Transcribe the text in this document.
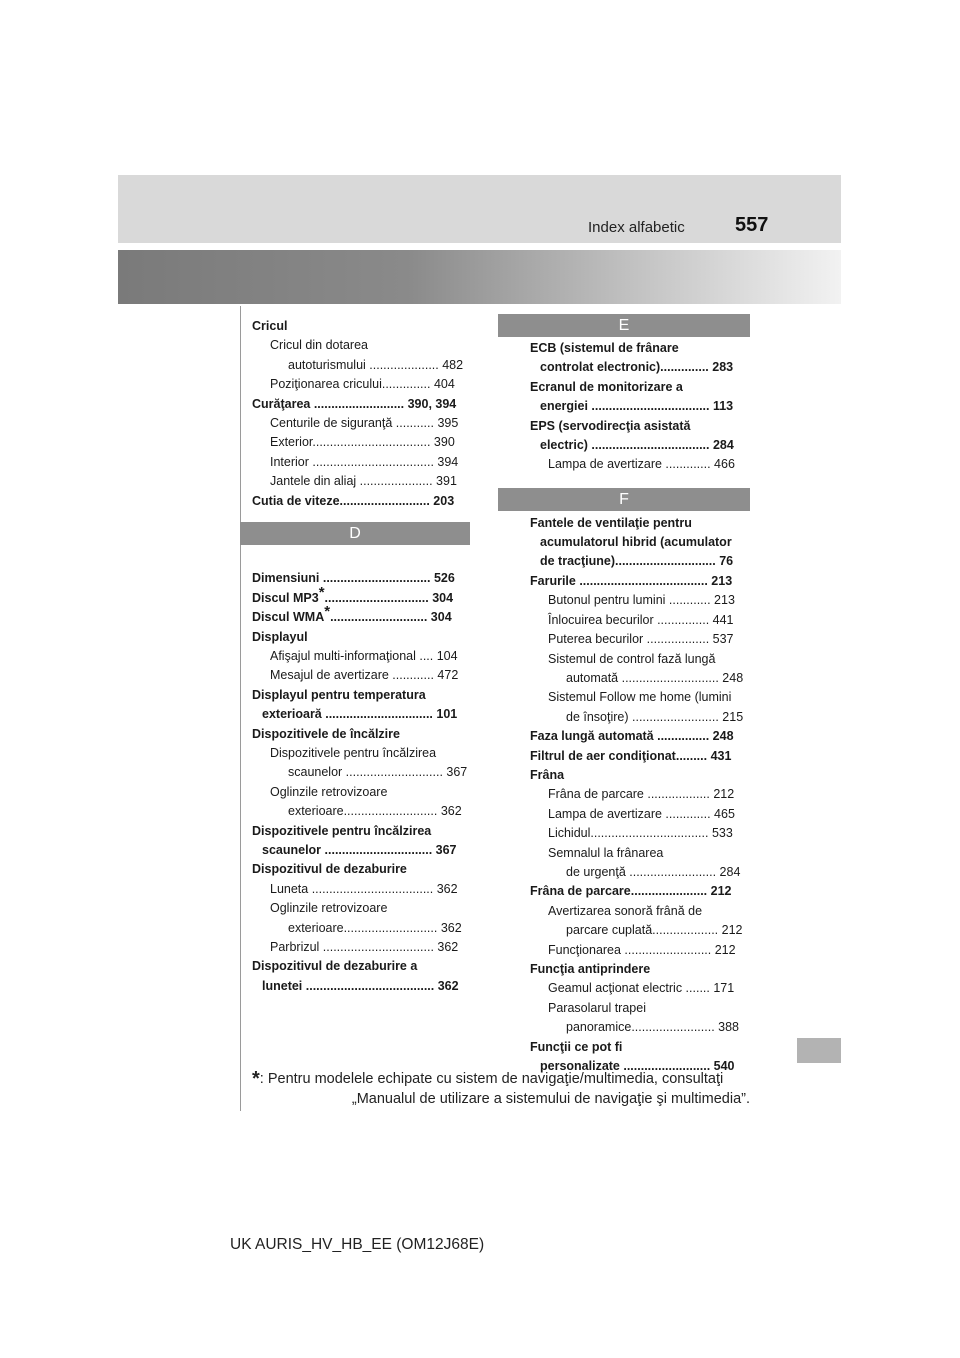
Index alfabetic	557
D
E
F
Cricul
Cricul din dotarea
autoturismului .................... 482
Poziţionarea cricului.............. 404
Curăţarea .......................... 390, 394
Centurile de siguranţă ........... 395
Exterior.................................. 390
Interior ................................... 394
Jantele din aliaj ..................... 391
Cutia de viteze.......................... 203

Dimensiuni ............................... 526
Discul MP3*.............................. 304
Discul WMA*............................ 304
Displayul
Afişajul multi-informaţional .... 104
Mesajul de avertizare ............ 472
Displayul pentru temperatura
exterioară ............................... 101
Dispozitivele de încălzire
Dispozitivele pentru încălzirea
scaunelor ............................ 367
Oglinzile retrovizoare
exterioare........................... 362
Dispozitivele pentru încălzirea
scaunelor ............................... 367
Dispozitivul de dezaburire
Luneta ................................... 362
Oglinzile retrovizoare
exterioare........................... 362
Parbrizul ................................ 362
Dispozitivul de dezaburire a
lunetei ..................................... 362
ECB (sistemul de frânare
controlat electronic).............. 283
Ecranul de monitorizare a
energiei .................................. 113
EPS (servodirecţia asistată
electric) .................................. 284
Lampa de avertizare ............. 466

Fantele de ventilaţie pentru
acumulatorul hibrid (acumulator
de tracţiune)............................. 76
Farurile ..................................... 213
Butonul pentru lumini ............ 213
Înlocuirea becurilor ............... 441
Puterea becurilor .................. 537
Sistemul de control fază lungă
automată ............................ 248
Sistemul Follow me home (lumini
de însoţire) ......................... 215
Faza lungă automată ............... 248
Filtrul de aer condiţionat......... 431
Frâna
Frâna de parcare .................. 212
Lampa de avertizare ............. 465
Lichidul.................................. 533
Semnalul la frânarea
de urgenţă ......................... 284
Frâna de parcare...................... 212
Avertizarea sonoră frână de
parcare cuplată................... 212
Funcţionarea ......................... 212
Funcţia antiprindere
Geamul acţionat electric ....... 171
Parasolarul trapei
panoramice........................ 388
Funcţii ce pot fi
personalizate ......................... 540
*: Pentru modelele echipate cu sistem de navigaţie/multimedia, consultaţi
„Manualul de utilizare a sistemului de navigaţie şi multimedia”.
UK AURIS_HV_HB_EE (OM12J68E)
